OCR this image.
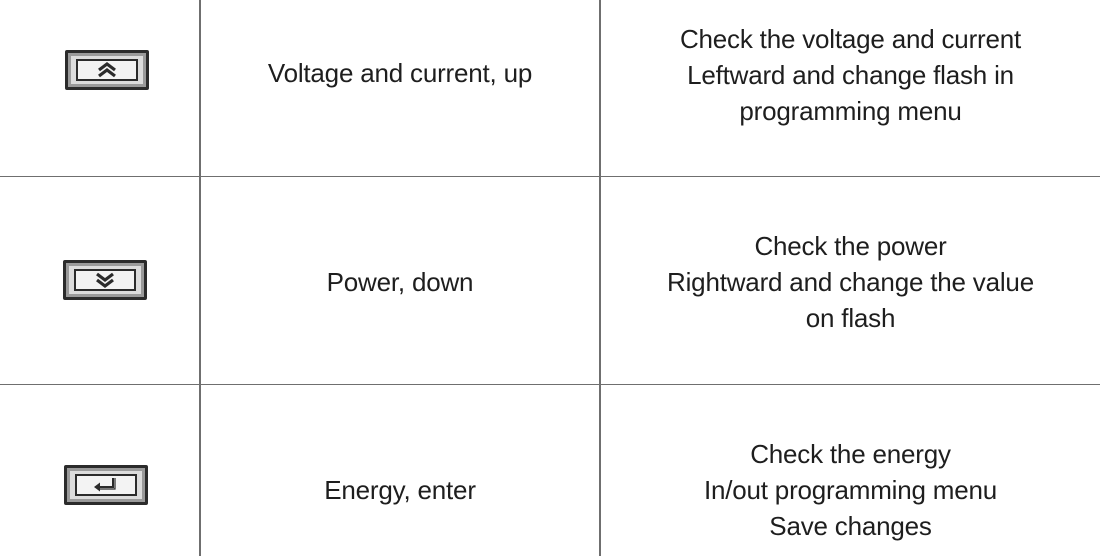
Voltage and current, up
Check the voltage and current
Leftward and change flash in
programming menu
Power, down
Check the power
Rightward and change the value
on flash
Energy, enter
Check the energy
In/out programming menu
Save changes
